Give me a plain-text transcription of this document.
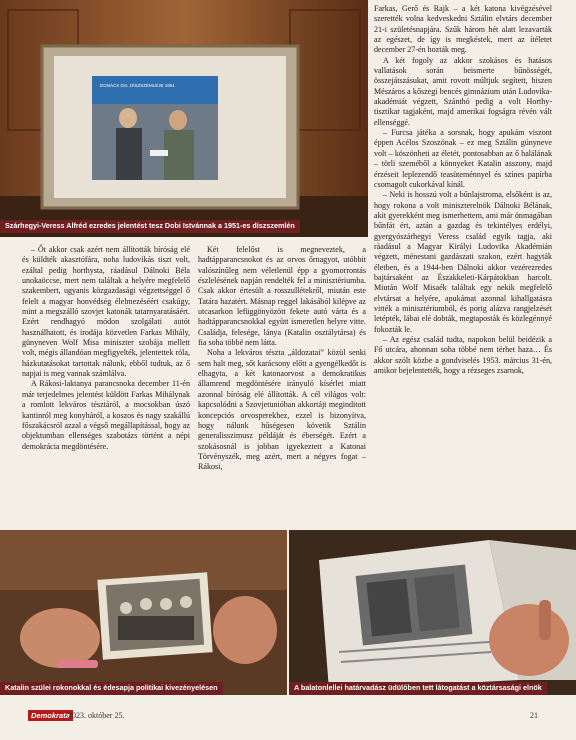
DONÁCS Drs. DÍSZSZEMLÉJE 1951
Szárhegyi-Veress Alfréd ezredes jelentést tesz Dobi Istvánnak a 1951-es díszszemlén

Farkas, Gerő és Rajk – a két katona kivégzésével szerették volna kedveskedni Sztálin elvtárs december 21-i születésnapjára. Szűk három hét alatt lezavarták az egészet, de így is megkéstek, mert az ítéletet december 27-én hozták meg.

A két fogoly az akkor szokásos és hatásos vallatások során beismerte bűnösségét, összejátszásukat, amit rovott múltjuk segített, hiszen Mészáros a kőszegi bencés gimnázium után Ludovika-akadémiát végzett, Szánthó pedig a volt Horthy-tisztikar tagjaként, majd amerikai fogságra révén vált ellenséggé.

– Furcsa játéka a sorsnak, hogy apukám viszont éppen Acélos Szoszónak – ez meg Sztálin gúnyneve volt – köszönheti az életét, pontosabban az ő halálának – törli szeméből a könnyeket Katalin asszony, majd érzéseit leplezendő teasüteménnyel és színes papírba csomagolt cukorkával kínál.

– Neki is hosszú volt a bűnlajstroma, elsőként is az, hogy rokona a volt miniszterelnök Dálnoki Bélának, akit gyerekként meg ismerhettem, ami már önmagában bűnfát ért, aztán a gazdag és tekintélyes erdélyi, gyergyószárhegyi Veress család egyik tagja, aki ráadásul a Magyar Királyi Ludovika Akadémián végzett, ménestani gazdászati szakon, ezért hagyták életben, és a 1944-ben Dálnoki akkor vezérezredes bajtársaként az Északkeleti-Kárpátokban harcolt. Miután Wolf Misaék találtak egy nekik megfelelő elvtársat a helyére, apukámat azonnal kihallgatásra vitték a minisztériumból, és porig alázva rangjelzését letépték, lábai elé dobták, megtaposták és közlegénnyé fokozták le.

– Az egész család tudta, napokon belül beidézik a Fő utcára, ahonnan soha többé nem térhet haza… És akkor szólt közbe a gondviselés 1953. március 31-én, amikor bejelentették, hogy a rézseges zsarnok,

– Őt akkor csak azért nem állították bíróság elé és küldték akasztófára, noha ludovikás tiszt volt, ezáltal pedig horthysta, ráadásul Dálnoki Béla unokaöccse, mert nem találtak a helyére megfelelő szakembert, ugyanis közgazdasági végzettséggel ő felelt a magyar honvédség élelmezéséért csakúgy, mint a megszálló szovjet katonák tatarnyaratásáért. Ezért rendhagyó módon szolgálati autót használhatott, és irodája közvetlen Farkas Mihály, günyneven Wolf Misa miniszter szobája mellett volt, mégis állandóan megfigyelték, jelentettek róla, házkutatásokat tartottak nálunk, ebből tudtuk, az ő napjai is meg vannak számlálva.

A Rákosi-laktanya parancsnoka december 11-én már terjedelmes jelentést küldött Farkas Mihálynak a romlott lekváros tésztáról, a mocsokban úszó kantinról meg konyháról, a koszos és nagy szakállú főszakácsról azzal a végső megállapítással, hogy az objektumban ellenséges szabotázs történt a népi demokrácia megdöntésére.

Két felelőst is megneveztek, a hadtápparancsnokot és az orvos őrnagyot, utóbbit valószínűleg nem véletlenül épp a gyomorrontás észlelésének napján rendelték fel a minisztériumba. Csak akkor értesült a rosszullétekről, miután este Tatára hazatért. Másnap reggel lakásából kilépve az utcasarkon lefüggönyözött fekete autó várta és a hadtápparancsnokkal együtt ismeretlen helyre vitte. Családja, felesége, lánya (Katalin osztálytársa) és fia soha többé nem látta.

Noha a lekváros tészta „áldozatai” közül senki sem halt meg, sőt karácsony előtt a gyengélkedőt is elhagyta, a két katonaorvost a demokratikus államrend megdöntésére irányuló kísérlet miatt azonnal bíróság elé állították. A cél világos volt: kapcsolódni a Szovjetunióban akkortájt meginditott koncepciós orvosperekhez, ezzel is bizonyítva, hogy nálunk hűségesen követik Sztálin generalisszimusz példáját és éberségét. Ezért a szokásosnál is jobban igyekeztett a Katonai Törvényszék, meg azért, mert a négyes fogat – Rákosi,

Katalin szülei rokonokkal és édesapja politikai kivezényelésen	A balatonlellei határvadász üdülőben tett látogatást a köztársasági elnök
Demokrata
2023. október 25.	21
